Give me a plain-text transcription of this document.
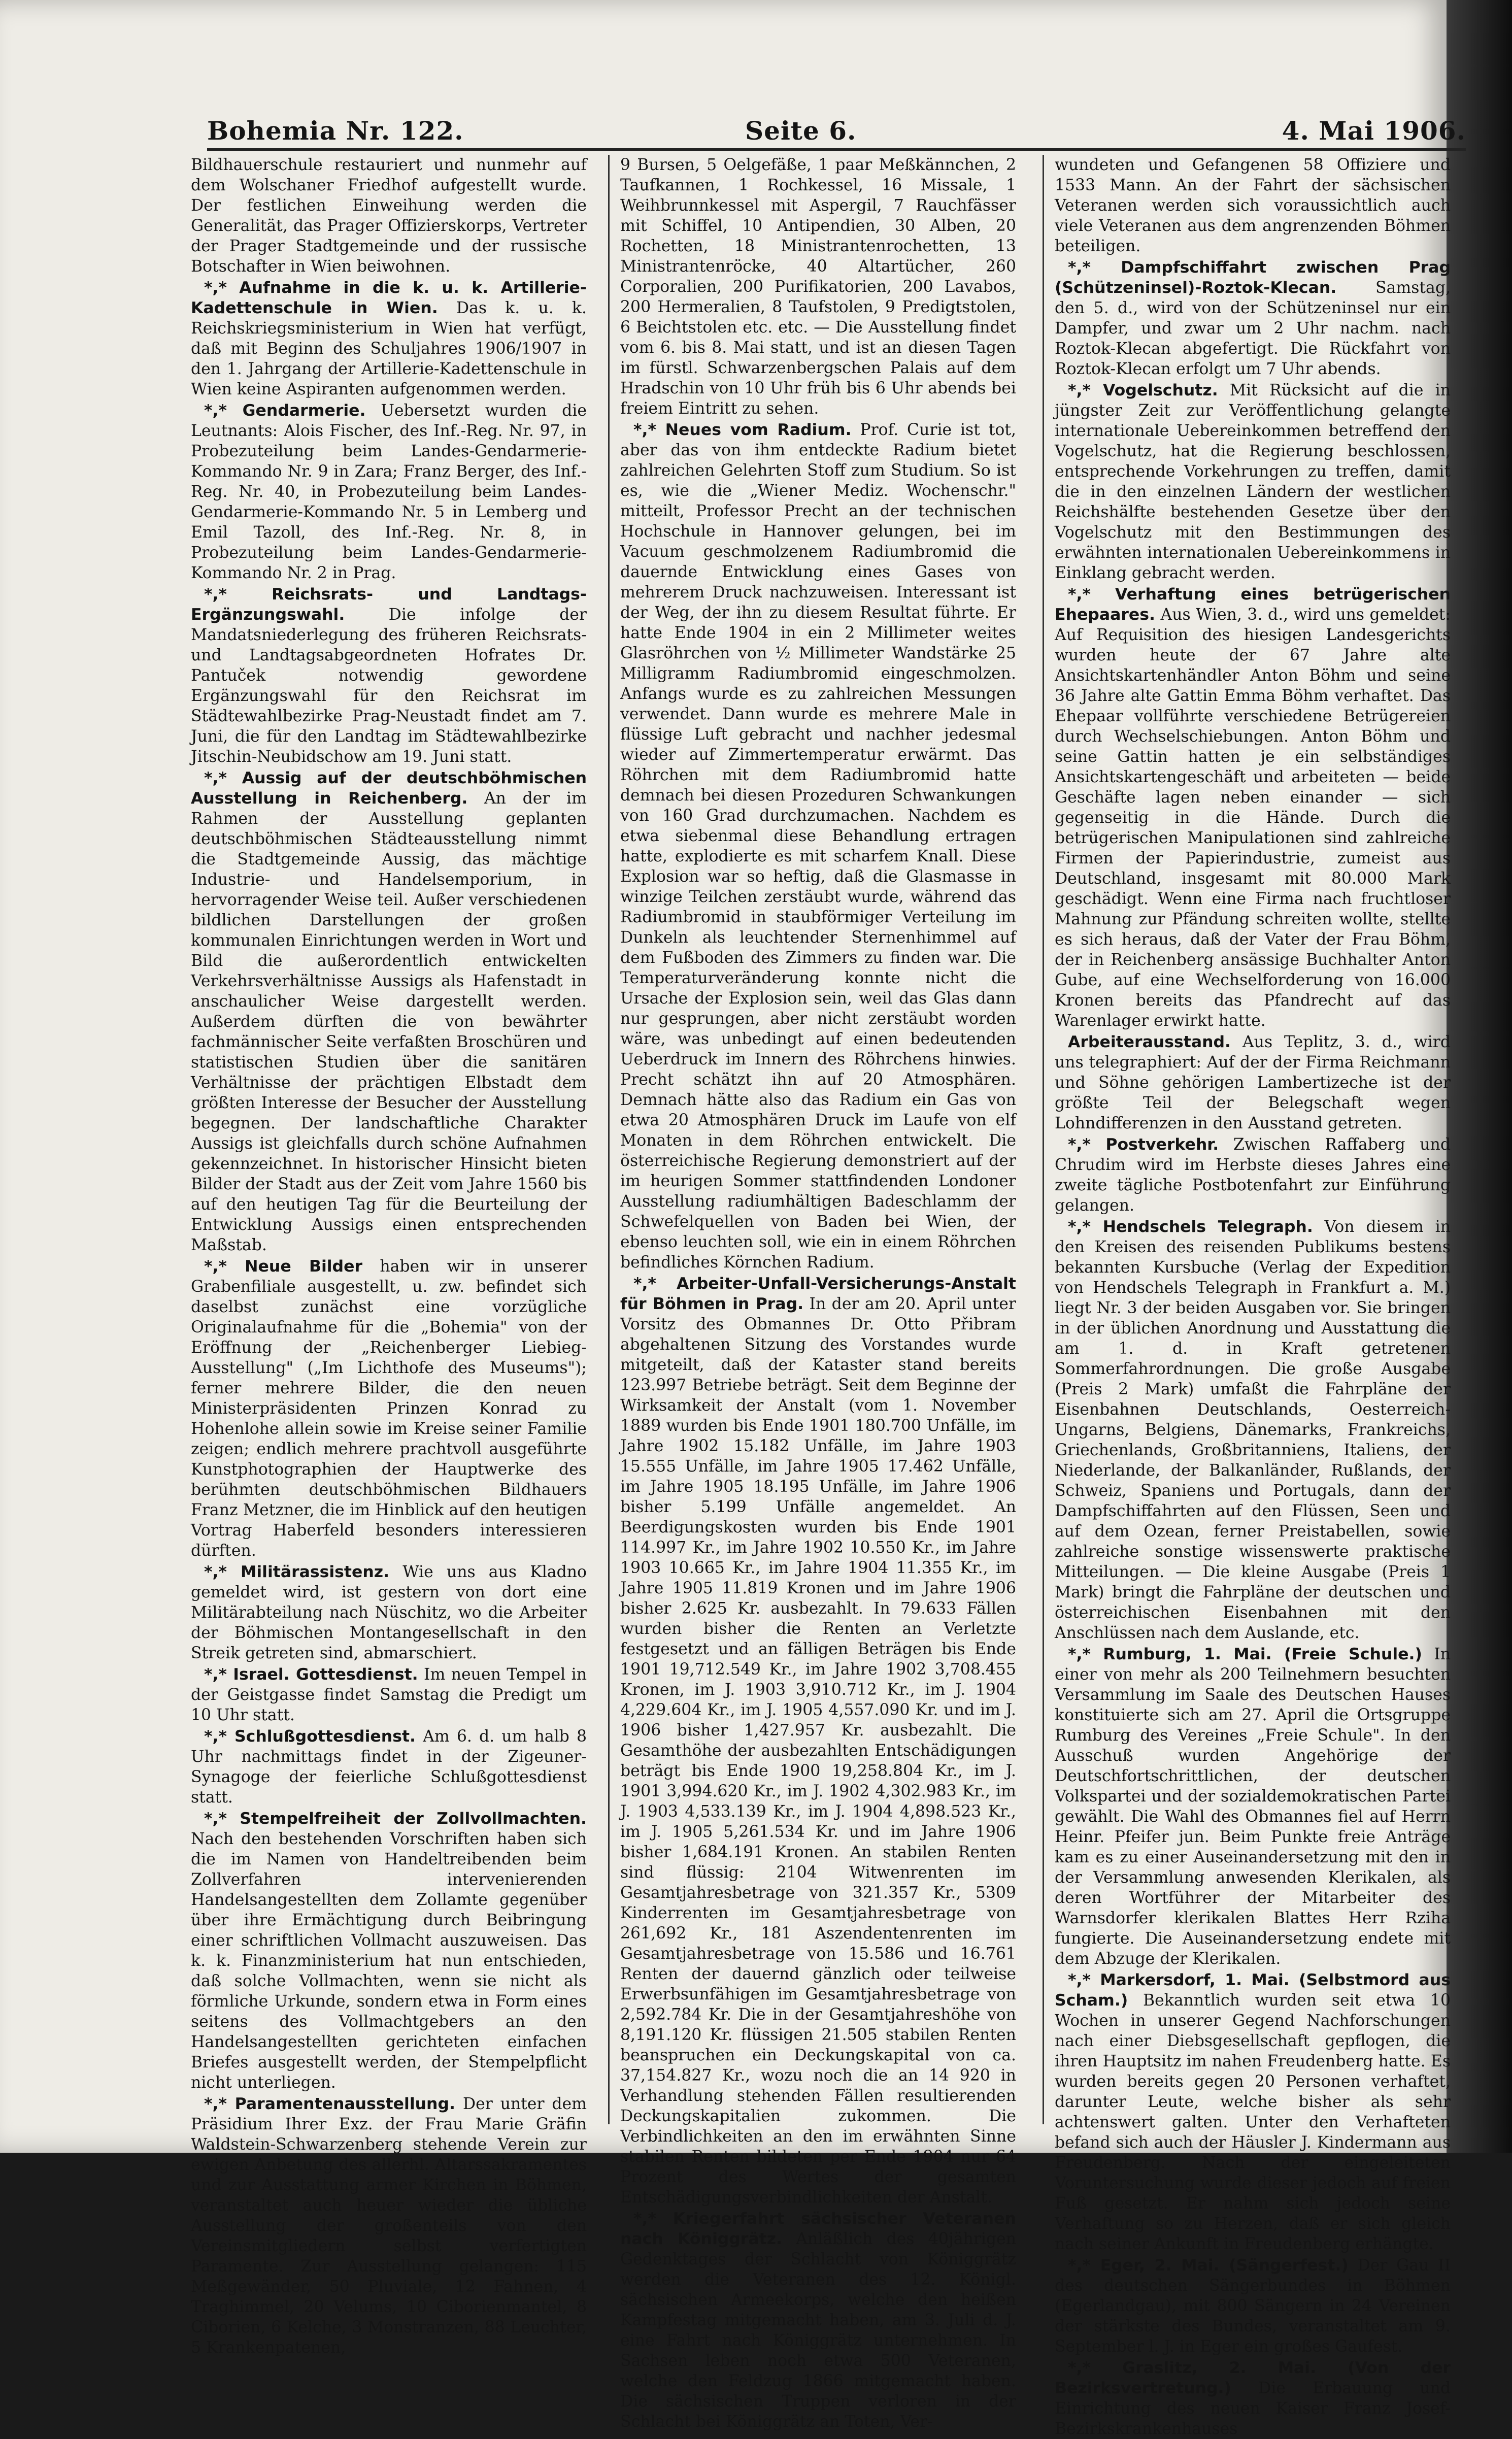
Bohemia Nr. 122.	Seite 6.	4. Mai 1906.

Bildhauerschule restauriert und nunmehr auf dem Wolschaner Friedhof aufgestellt wurde. Der festlichen Einweihung werden die Generalität, das Prager Offizierskorps, Vertreter der Prager Stadtgemeinde und der russische Botschafter in Wien beiwohnen.

*,* Aufnahme in die k. u. k. Artillerie-Kadettenschule in Wien. Das k. u. k. Reichskriegsministerium in Wien hat verfügt, daß mit Beginn des Schuljahres 1906/1907 in den 1. Jahrgang der Artillerie-Kadettenschule in Wien keine Aspiranten aufgenommen werden.

*,* Gendarmerie. Uebersetzt wurden die Leutnants: Alois Fischer, des Inf.-Reg. Nr. 97, in Probezuteilung beim Landes-Gendarmerie-Kommando Nr. 9 in Zara; Franz Berger, des Inf.-Reg. Nr. 40, in Probezuteilung beim Landes-Gendarmerie-Kommando Nr. 5 in Lemberg und Emil Tazoll, des Inf.-Reg. Nr. 8, in Probezuteilung beim Landes-Gendarmerie-Kommando Nr. 2 in Prag.

*,* Reichsrats- und Landtags-Ergänzungswahl.	Die infolge der Mandatsniederlegung des früheren Reichsrats- und Landtagsabgeordneten Hofrates Dr. Pantuček notwendig gewordene Ergänzungswahl für den Reichsrat im Städtewahlbezirke Prag-Neustadt findet am 7. Juni, die für den Landtag im Städtewahlbezirke Jitschin-Neubidschow am 19. Juni statt.

*,* Aussig auf der deutschböhmischen Ausstellung in Reichenberg. An der im Rahmen der Ausstellung geplanten deutschböhmischen Städteausstellung nimmt die Stadtgemeinde Aussig, das mächtige Industrie- und Handelsemporium, in hervorragender Weise teil. Außer verschiedenen bildlichen Darstellungen der großen kommunalen Einrichtungen werden in Wort und Bild die außerordentlich entwickelten Verkehrsverhältnisse Aussigs als Hafenstadt in anschaulicher Weise dargestellt werden. Außerdem dürften die von bewährter fachmännischer Seite verfaßten Broschüren und statistischen Studien über die sanitären Verhältnisse der prächtigen Elbstadt dem größten Interesse der Besucher der Ausstellung begegnen. Der landschaftliche Charakter Aussigs ist gleichfalls durch schöne Aufnahmen gekennzeichnet. In historischer Hinsicht bieten Bilder der Stadt aus der Zeit vom Jahre 1560 bis auf den heutigen Tag für die Beurteilung der Entwicklung Aussigs einen entsprechenden Maßstab.

*,* Neue Bilder haben wir in unserer Grabenfiliale ausgestellt, u. zw. befindet sich daselbst zunächst eine vorzügliche Originalaufnahme für die „Bohemia" von der Eröffnung der „Reichenberger Liebieg-Ausstellung" („Im Lichthofe des Museums"); ferner mehrere Bilder, die den neuen Ministerpräsidenten Prinzen Konrad zu Hohenlohe allein sowie im Kreise seiner Familie zeigen; endlich mehrere prachtvoll ausgeführte Kunstphotographien der Hauptwerke des berühmten deutschböhmischen Bildhauers Franz Metzner, die im Hinblick auf den heutigen Vortrag Haberfeld besonders interessieren dürften.

*,* Militärassistenz. Wie uns aus Kladno gemeldet wird, ist gestern von dort eine Militärabteilung nach Nüschitz, wo die Arbeiter der Böhmischen Montangesellschaft in den Streik getreten sind, abmarschiert.

*,* Israel. Gottesdienst. Im neuen Tempel in der Geistgasse findet Samstag die Predigt um 10 Uhr statt.

*,* Schlußgottesdienst. Am 6. d. um halb 8 Uhr nachmittags findet in der Zigeuner-Synagoge der feierliche Schlußgottesdienst statt.

*,* Stempelfreiheit der Zollvollmachten. Nach den bestehenden Vorschriften haben sich die im Namen von Handeltreibenden beim Zollverfahren intervenierenden Handelsangestellten dem Zollamte gegenüber über ihre Ermächtigung durch Beibringung einer schriftlichen Vollmacht auszuweisen. Das k. k. Finanzministerium hat nun entschieden, daß solche Vollmachten, wenn sie nicht als förmliche Urkunde, sondern etwa in Form eines seitens des Vollmachtgebers an den Handelsangestellten gerichteten einfachen Briefes ausgestellt werden, der Stempelpflicht nicht unterliegen.

*,* Paramentenausstellung. Der unter dem Präsidium Ihrer Exz. der Frau Marie Gräfin Waldstein-Schwarzenberg stehende Verein zur ewigen Anbetung des allerhl. Altarssakramentes und zur Ausstattung armer Kirchen in Böhmen, veranstaltet auch heuer wieder die übliche Ausstellung der großenteils von den Vereinsmitgliedern selbst verfertigten Paramente. Zur Ausstellung gelangen: 115 Meßgewänder, 50 Pluviale, 12 Fahnen, 4 Traghimmel, 20 Velums, 10 Ciborienmantel, 8 Ciborien, 6 Kelche, 3 Monstranzen, 88 Leuchter, 5 Krankenpatenen,

9 Bursen, 5 Oelgefäße, 1 paar Meßkännchen, 2 Taufkannen, 1 Rochkessel, 16 Missale, 1 Weihbrunnkessel mit Aspergil, 7 Rauchfässer mit Schiffel, 10 Antipendien, 30 Alben, 20 Rochetten, 18 Ministrantenrochetten, 13 Ministrantenröcke, 40 Altartücher, 260 Corporalien, 200 Purifikatorien, 200 Lavabos, 200 Hermeralien, 8 Taufstolen, 9 Predigtstolen, 6 Beichtstolen etc. etc. — Die Ausstellung findet vom 6. bis 8. Mai statt, und ist an diesen Tagen im fürstl. Schwarzenbergschen Palais auf dem Hradschin von 10 Uhr früh bis 6 Uhr abends bei freiem Eintritt zu sehen.

*,* Neues vom Radium. Prof. Curie ist tot, aber das von ihm entdeckte Radium bietet zahlreichen Gelehrten Stoff zum Studium. So ist es, wie die „Wiener Mediz. Wochenschr." mitteilt, Professor Precht an der technischen Hochschule in Hannover gelungen, bei im Vacuum geschmolzenem Radiumbromid die dauernde Entwicklung eines Gases von mehrerem Druck nachzuweisen. Interessant ist der Weg, der ihn zu diesem Resultat führte. Er hatte Ende 1904 in ein 2 Millimeter weites Glasröhrchen von ½ Millimeter Wandstärke 25 Milligramm Radiumbromid eingeschmolzen. Anfangs wurde es zu zahlreichen Messungen verwendet. Dann wurde es mehrere Male in flüssige Luft gebracht und nachher jedesmal wieder auf Zimmertemperatur erwärmt. Das Röhrchen mit dem Radiumbromid hatte demnach bei diesen Prozeduren Schwankungen von 160 Grad durchzumachen. Nachdem es etwa siebenmal diese Behandlung ertragen hatte, explodierte es mit scharfem Knall. Diese Explosion war so heftig, daß die Glasmasse in winzige Teilchen zerstäubt wurde, während das Radiumbromid in staubförmiger Verteilung im Dunkeln als leuchtender Sternenhimmel auf dem Fußboden des Zimmers zu finden war. Die Temperaturveränderung konnte nicht die Ursache der Explosion sein, weil das Glas dann nur gesprungen, aber nicht zerstäubt worden wäre, was unbedingt auf einen bedeutenden Ueberdruck im Innern des Röhrchens hinwies. Precht schätzt ihn auf 20 Atmosphären. Demnach hätte also das Radium ein Gas von etwa 20 Atmosphären Druck im Laufe von elf Monaten in dem Röhrchen entwickelt. Die österreichische Regierung demonstriert auf der im heurigen Sommer stattfindenden Londoner Ausstellung radiumhältigen Badeschlamm der Schwefelquellen von Baden bei Wien, der ebenso leuchten soll, wie ein in einem Röhrchen befindliches Körnchen Radium.

*,* Arbeiter-Unfall-Versicherungs-Anstalt für Böhmen in Prag. In der am 20. April unter Vorsitz des Obmannes Dr. Otto Přibram abgehaltenen Sitzung des Vorstandes wurde mitgeteilt, daß der Kataster stand bereits 123.997 Betriebe beträgt. Seit dem Beginne der Wirksamkeit der Anstalt (vom 1. November 1889 wurden bis Ende 1901 180.700 Unfälle, im Jahre 1902 15.182 Unfälle, im Jahre 1903 15.555 Unfälle, im Jahre 1905 17.462 Unfälle, im Jahre 1905 18.195 Unfälle, im Jahre 1906 bisher 5.199 Unfälle angemeldet. An Beerdigungskosten wurden bis Ende 1901 114.997 Kr., im Jahre 1902 10.550 Kr., im Jahre 1903 10.665 Kr., im Jahre 1904 11.355 Kr., im Jahre 1905 11.819 Kronen und im Jahre 1906 bisher 2.625 Kr. ausbezahlt. In 79.633 Fällen wurden bisher die Renten an Verletzte festgesetzt und an fälligen Beträgen bis Ende 1901 19,712.549 Kr., im Jahre 1902 3,708.455 Kronen, im J. 1903 3,910.712 Kr., im J. 1904 4,229.604 Kr., im J. 1905 4,557.090 Kr. und im J. 1906 bisher 1,427.957 Kr. ausbezahlt. Die Gesamthöhe der ausbezahlten Entschädigungen beträgt bis Ende 1900 19,258.804 Kr., im J. 1901 3,994.620 Kr., im J. 1902 4,302.983 Kr., im J. 1903 4,533.139 Kr., im J. 1904 4,898.523 Kr., im J. 1905 5,261.534 Kr. und im Jahre 1906 bisher 1,684.191 Kronen. An stabilen Renten sind flüssig: 2104 Witwenrenten im Gesamtjahresbetrage von 321.357 Kr., 5309 Kinderrenten im Gesamtjahresbetrage von 261,692 Kr., 181 Aszendentenrenten im Gesamtjahresbetrage von 15.586 und 16.761 Renten der dauernd gänzlich oder teilweise Erwerbsunfähigen im Gesamtjahresbetrage von 2,592.784 Kr. Die in der Gesamtjahreshöhe von 8,191.120 Kr. flüssigen 21.505 stabilen Renten beanspruchen ein Deckungskapital von ca. 37,154.827 Kr., wozu noch die an 14 920 in Verhandlung stehenden Fällen resultierenden Deckungskapitalien zukommen. Die Verbindlichkeiten an den im erwähnten Sinne stabilen Renten bildeten per Ende 1904 nur 64 Prozent des Wertes der gesamten Entschädigungsverbindlichkeiten der Anstalt.

*,* Kriegerfahrt sächsischer Veteranen nach Königgrätz. Anläßlich des 40jährigen Gedenktages der Schlacht von Königgrätz werden die Veteranen des 12. Königl. sächsischen Armeekorps, welche den heißen Kampfestag mitgemacht haben, am 3. Juli d. J. eine Fahrt nach Königgrätz unternehmen. In Sachsen leben noch etwa 500 Veteranen, welche den Feldzug 1866 mitgemacht haben. Die sächsischen Truppen verloren in der Schlacht bei Königgrätz an Toten, Ver-

wundeten und Gefangenen 58 Offiziere und 1533 Mann. An der Fahrt der sächsischen Veteranen werden sich voraussichtlich auch viele Veteranen aus dem angrenzenden Böhmen beteiligen.

*,* Dampfschiffahrt zwischen Prag (Schützeninsel)-Roztok-Klecan. Samstag, den 5. d., wird von der Schützeninsel nur ein Dampfer, und zwar um 2 Uhr nachm. nach Roztok-Klecan abgefertigt. Die Rückfahrt von Roztok-Klecan erfolgt um 7 Uhr abends.

*,* Vogelschutz. Mit Rücksicht auf die in jüngster Zeit zur Veröffentlichung gelangte internationale Uebereinkommen betreffend den Vogelschutz, hat die Regierung beschlossen, entsprechende Vorkehrungen zu treffen, damit die in den einzelnen Ländern der westlichen Reichshälfte bestehenden Gesetze über den Vogelschutz mit den Bestimmungen des erwähnten internationalen Uebereinkommens in Einklang gebracht werden.

*,* Verhaftung eines betrügerischen Ehepaares. Aus Wien, 3. d., wird uns gemeldet: Auf Requisition des hiesigen Landesgerichts wurden heute der 67 Jahre alte Ansichtskartenhändler Anton Böhm und seine 36 Jahre alte Gattin Emma Böhm verhaftet. Das Ehepaar vollführte verschiedene Betrügereien durch Wechselschiebungen. Anton Böhm und seine Gattin hatten je ein selbständiges Ansichtskartengeschäft und arbeiteten — beide Geschäfte lagen neben einander — sich gegenseitig in die Hände. Durch die betrügerischen Manipulationen sind zahlreiche Firmen der Papierindustrie, zumeist aus Deutschland, insgesamt mit 80.000 Mark geschädigt. Wenn eine Firma nach fruchtloser Mahnung zur Pfändung schreiten wollte, stellte es sich heraus, daß der Vater der Frau Böhm, der in Reichenberg ansässige Buchhalter Anton Gube, auf eine Wechselforderung von 16.000 Kronen bereits das Pfandrecht auf das Warenlager erwirkt hatte.

Arbeiterausstand. Aus Teplitz, 3. d., wird uns telegraphiert: Auf der der Firma Reichmann und Söhne gehörigen Lambertizeche ist der größte Teil der Belegschaft wegen Lohndifferenzen in den Ausstand getreten.

*,* Postverkehr. Zwischen Raffaberg und Chrudim wird im Herbste dieses Jahres eine zweite tägliche Postbotenfahrt zur Einführung gelangen.

*,* Hendschels Telegraph. Von diesem in den Kreisen des reisenden Publikums bestens bekannten Kursbuche (Verlag der Expedition von Hendschels Telegraph in Frankfurt a. M.) liegt Nr. 3 der beiden Ausgaben vor. Sie bringen in der üblichen Anordnung und Ausstattung die am 1. d. in Kraft getretenen Sommerfahrordnungen. Die große Ausgabe (Preis 2 Mark) umfaßt die Fahrpläne der Eisenbahnen Deutschlands, Oesterreich-Ungarns, Belgiens, Dänemarks, Frankreichs, Griechenlands, Großbritanniens, Italiens, der Niederlande, der Balkanländer, Rußlands, der Schweiz, Spaniens und Portugals, dann der Dampfschiffahrten auf den Flüssen, Seen und auf dem Ozean, ferner Preistabellen, sowie zahlreiche sonstige wissenswerte praktische Mitteilungen. — Die kleine Ausgabe (Preis 1 Mark) bringt die Fahrpläne der deutschen und österreichischen Eisenbahnen mit den Anschlüssen nach dem Auslande, etc.

*,* Rumburg, 1. Mai. (Freie Schule.) In einer von mehr als 200 Teilnehmern besuchten Versammlung im Saale des Deutschen Hauses konstituierte sich am 27. April die Ortsgruppe Rumburg des Vereines „Freie Schule". In den Ausschuß wurden Angehörige der Deutschfortschrittlichen, der deutschen Volkspartei und der sozialdemokratischen Partei gewählt. Die Wahl des Obmannes fiel auf Herrn Heinr. Pfeifer jun. Beim Punkte freie Anträge kam es zu einer Auseinandersetzung mit den in der Versammlung anwesenden Klerikalen, als deren Wortführer der Mitarbeiter des Warnsdorfer klerikalen Blattes Herr Rziha fungierte. Die Auseinandersetzung endete mit dem Abzuge der Klerikalen.

*,* Markersdorf, 1. Mai. (Selbstmord aus Scham.) Bekanntlich wurden seit etwa 10 Wochen in unserer Gegend Nachforschungen nach einer Diebsgesellschaft gepflogen, die ihren Hauptsitz im nahen Freudenberg hatte. Es wurden bereits gegen 20 Personen verhaftet, darunter Leute, welche bisher als sehr achtenswert galten. Unter den Verhafteten befand sich auch der Häusler J. Kindermann aus Freudenberg. Nach der eingeleiteten Voruntersuchung wurde dieser jedoch auf freien Fuß gesetzt. Er nahm sich jedoch seine Verhaftung so zu Herzen, daß er sich gleich nach seiner Ankunft in Freudenberg erhängte.

*,* Eger, 2. Mai. (Sängerfest.) Der Gau II des deutschen Sängerbundes in Böhmen (Egerlandgau), mit 800 Sängern in 24 Vereinen der stärkste des Bundes, veranstaltet am 9. September l. J. in Eger ein großes Gaufest.

*,* Graslitz, 2. Mai. (Von der Bezirksvertretung.) Die Erbauung und Einrichtung des neuen Kaiser Franz Josef-Bezirkskrankenhauses
